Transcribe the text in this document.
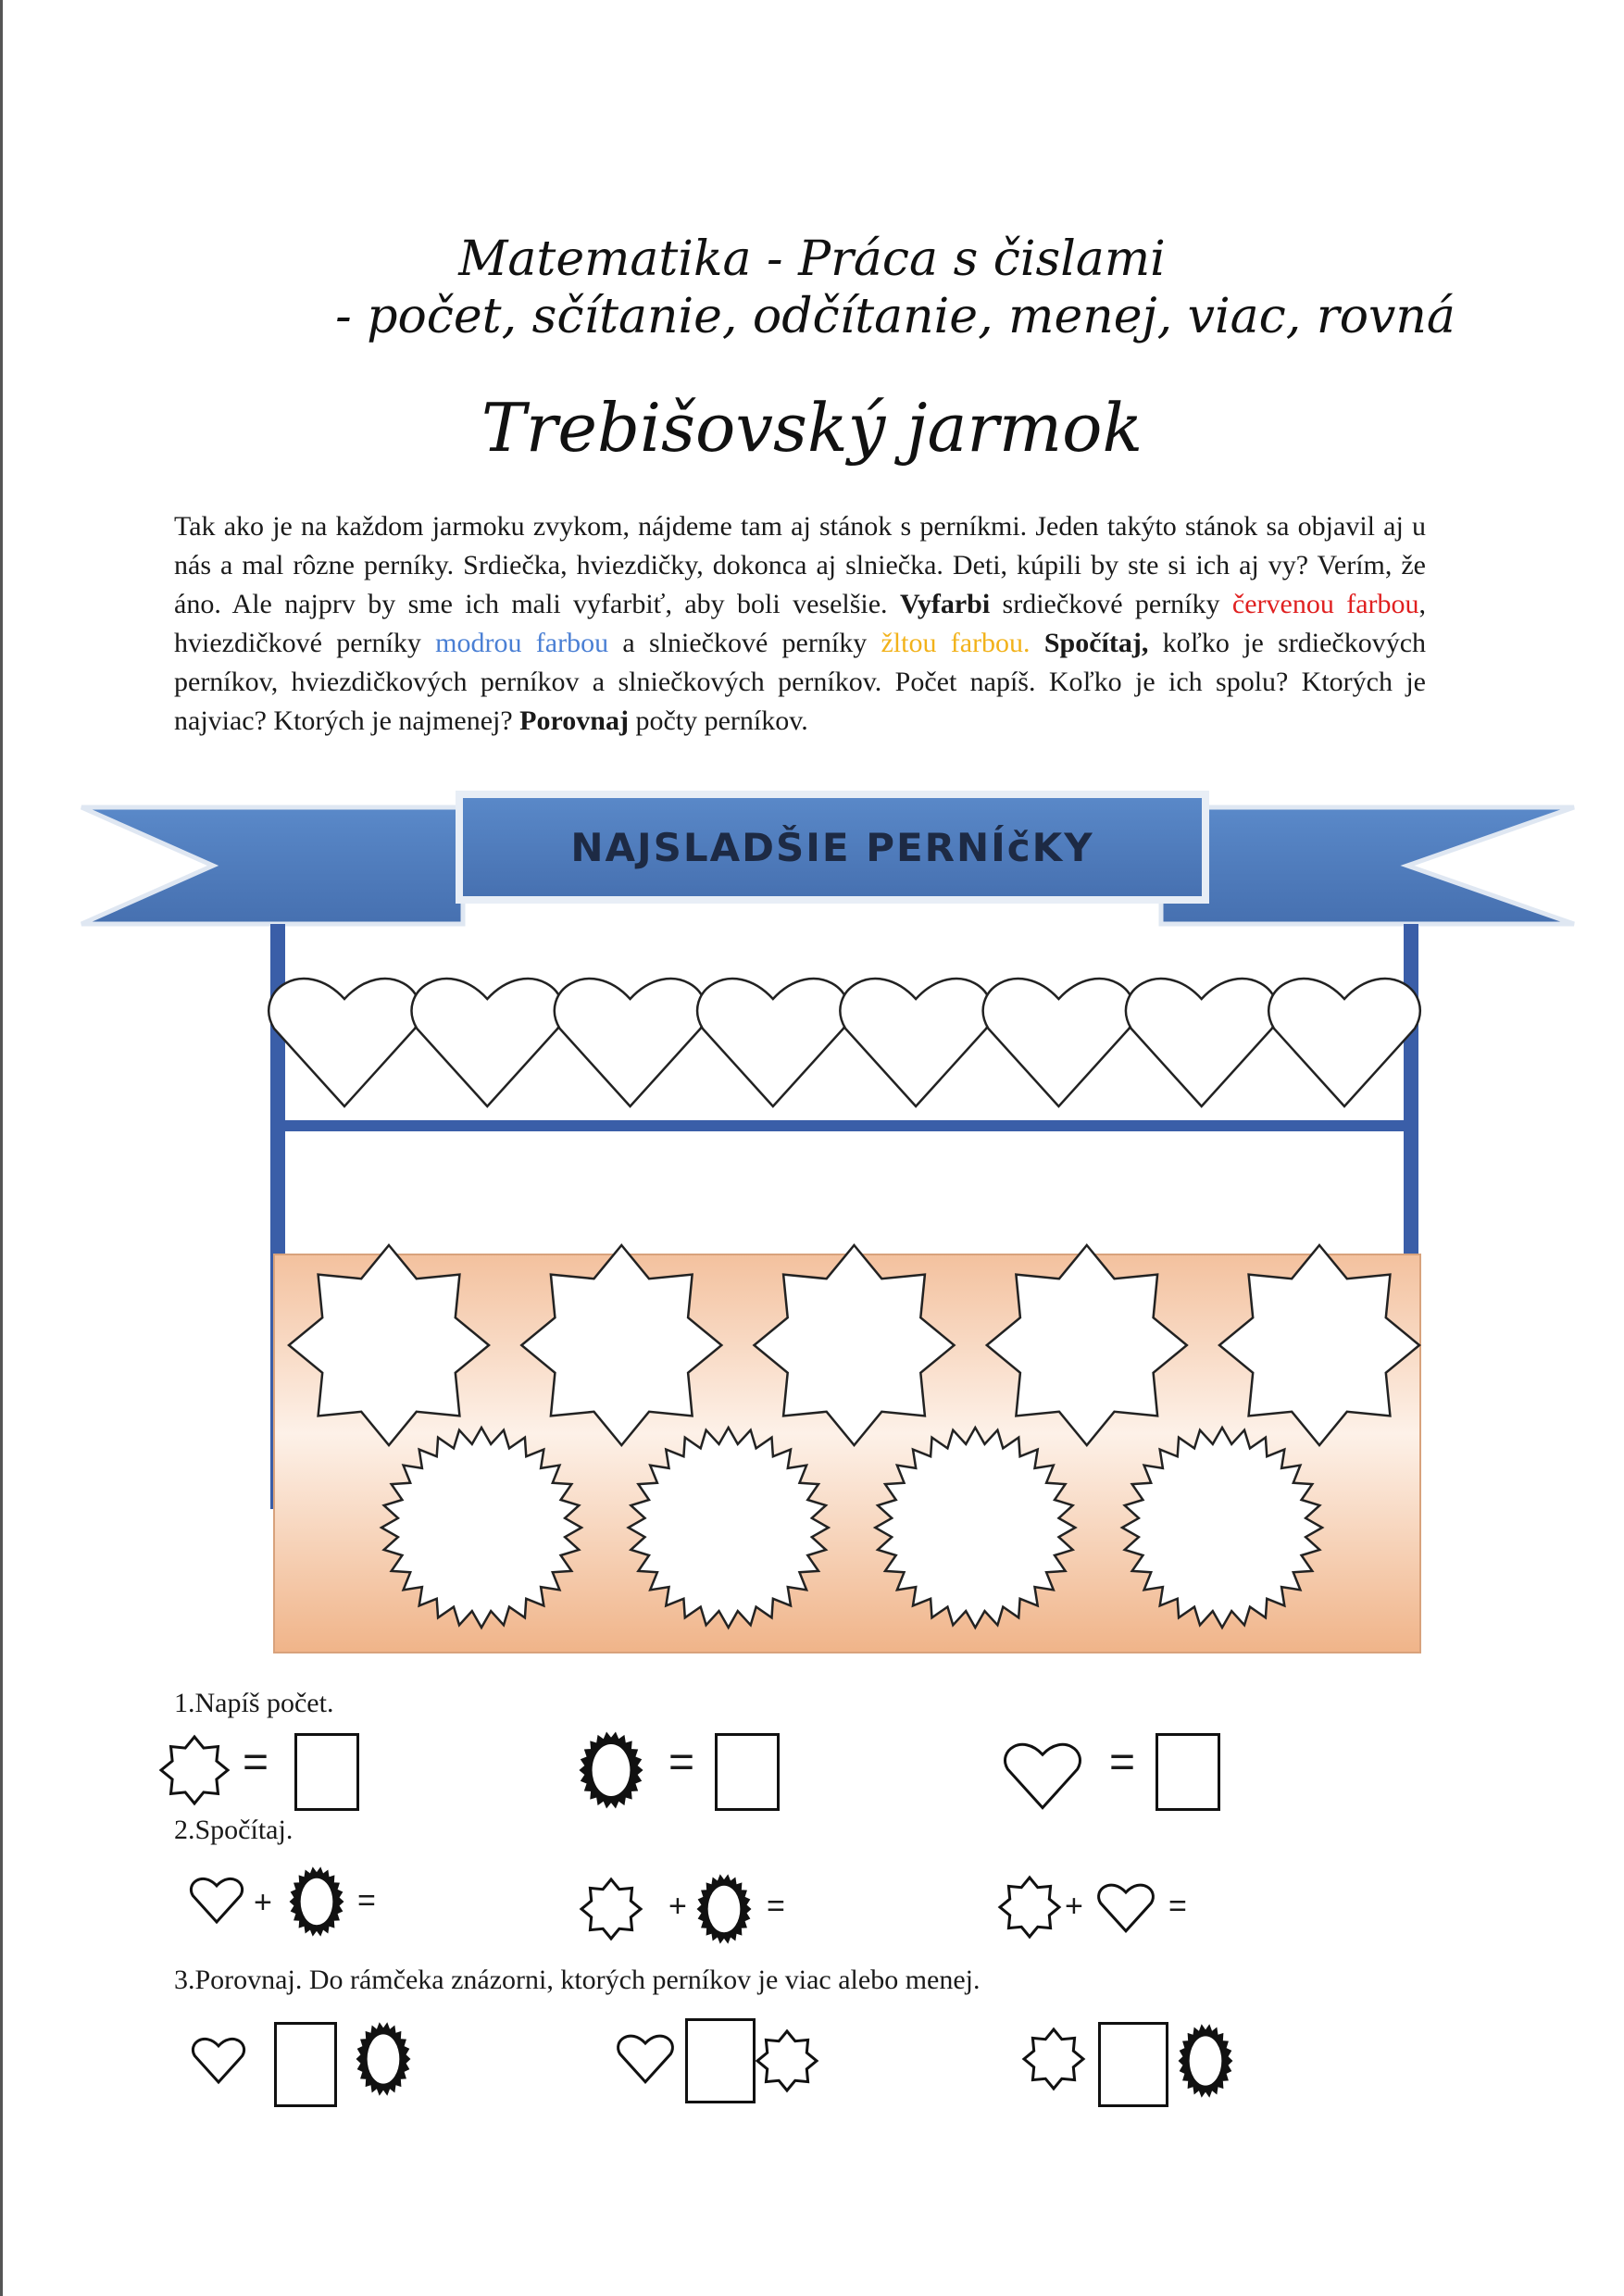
Matematika - Práca s čislami
- počet, sčítanie, odčítanie, menej, viac, rovná
Trebišovský jarmok
Tak ako je na každom jarmoku zvykom, nájdeme tam aj stánok s perníkmi. Jeden takýto stánok sa objavil aj u nás a mal rôzne perníky. Srdiečka, hviezdičky, dokonca aj slniečka. Deti, kúpili by ste si ich aj vy? Verím, že áno. Ale najprv by sme ich mali vyfarbiť, aby boli veselšie. Vyfarbi srdiečkové perníky červenou farbou, hviezdičkové perníky modrou farbou a slniečkové perníky žltou farbou. Spočítaj, koľko je srdiečkových perníkov, hviezdičkových perníkov a slniečkových perníkov. Počet napíš. Koľko je ich spolu? Ktorých je najviac? Ktorých je najmenej? Porovnaj počty perníkov.
NAJSLADŠIE PERNÍčKY
1.Napíš počet.
=	=	=
2.Spočítaj.
+	=	+	=	+	=
3.Porovnaj. Do rámčeka znázorni, ktorých perníkov je viac alebo menej.
